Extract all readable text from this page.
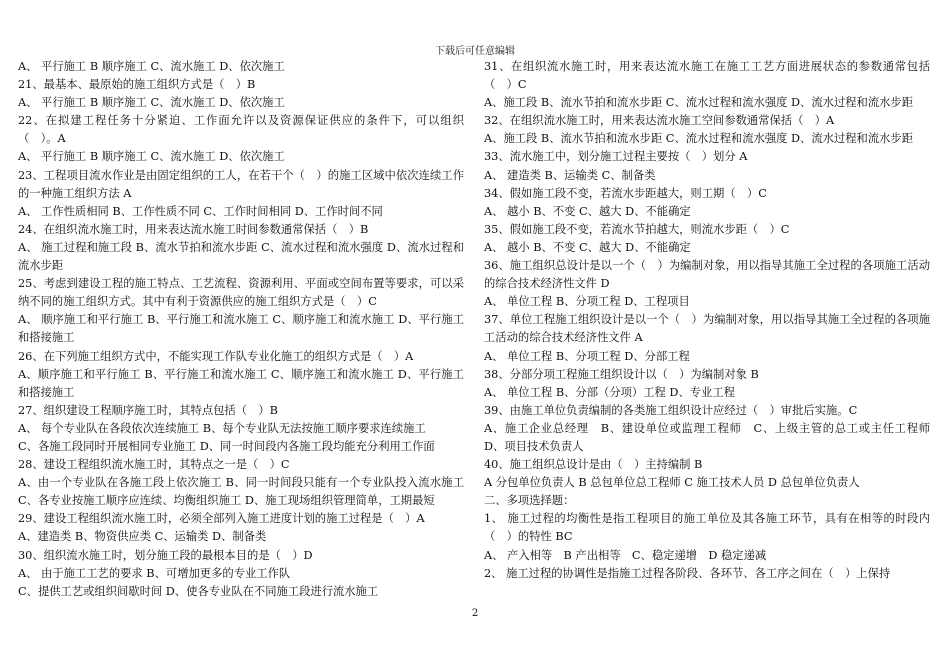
下载后可任意编辑

A、 平行施工 B 顺序施工 C、流水施工 D、依次施工

21、最基本、最原始的施工组织方式是（　）B

A、 平行施工 B 顺序施工 C、流水施工 D、依次施工

22、在拟建工程任务十分紧迫、工作面允许以及资源保证供应的条件下，可以组织（　）。A

A、 平行施工 B 顺序施工 C、流水施工 D、依次施工

23、工程项目流水作业是由固定组织的工人，在若干个（　）的施工区域中依次连续工作的一种施工组织方法 A

A、 工作性质相同 B、工作性质不同 C、工作时间相同 D、工作时间不同

24、在组织流水施工时，用来表达流水施工时间参数通常保括（　）B

A、 施工过程和施工段 B、流水节拍和流水步距 C、流水过程和流水强度 D、流水过程和流水步距

25、考虑到建设工程的施工特点、工艺流程、资源利用、平面或空间布置等要求，可以采纳不同的施工组织方式。其中有利于资源供应的施工组织方式是（　）C

A、 顺序施工和平行施工 B、平行施工和流水施工 C、顺序施工和流水施工 D、平行施工和搭接施工

26、在下列施工组织方式中，不能实现工作队专业化施工的组织方式是（　）A

A、顺序施工和平行施工 B、平行施工和流水施工 C、顺序施工和流水施工 D、平行施工和搭接施工

27、组织建设工程顺序施工时，其特点包括（　）B

A、 每个专业队在各段依次连续施工 B、每个专业队无法按施工顺序要求连续施工

C、各施工段同时开展相同专业施工 D、同一时间段内各施工段均能充分利用工作面

28、建设工程组织流水施工时，其特点之一是（　）C

A、由一个专业队在各施工段上依次施工 B、同一时间段只能有一个专业队投入流水施工 C、各专业按施工顺序应连续、均衡组织施工 D、施工现场组织管理简单，工期最短

29、建设工程组织流水施工时，必须全部列入施工进度计划的施工过程是（　）A

A、建造类 B、物资供应类 C、运输类 D、制备类

30、组织流水施工时，划分施工段的最根本目的是（　）D

A、 由于施工工艺的要求 B、可增加更多的专业工作队

C、提供工艺或组织间歇时间 D、使各专业队在不同施工段进行流水施工

31、在组织流水施工时，用来表达流水施工在施工工艺方面进展状态的参数通常包括（　）C

A、施工段 B、流水节拍和流水步距 C、流水过程和流水强度 D、流水过程和流水步距

32、在组织流水施工时，用来表达流水施工空间参数通常保括（　）A

A、施工段 B、流水节拍和流水步距 C、流水过程和流水强度 D、流水过程和流水步距

33、流水施工中，划分施工过程主要按（　）划分 A

A、 建造类 B、运输类 C、制备类

34、假如施工段不变，若流水步距越大，则工期（　）C

A、 越小 B、不变 C、越大 D、不能确定

35、假如施工段不变，若流水节拍越大，则流水步距（　）C

A、 越小 B、不变 C、越大 D、不能确定

36、施工组织总设计是以一个（　）为编制对象，用以指导其施工全过程的各项施工活动的综合技术经济性文件 D

A、 单位工程 B、分项工程 D、工程项目

37、单位工程施工组织设计是以一个（　）为编制对象，用以指导其施工全过程的各项施工活动的综合技术经济性文件 A

A、 单位工程 B、分项工程 D、分部工程

38、分部分项工程施工组织设计以（　）为编制对象 B

A、 单位工程 B、分部（分项）工程 D、专业工程

39、由施工单位负责编制的各类施工组织设计应经过（　）审批后实施。C

A、施工企业总经理　B、建设单位或监理工程师　C、上级主管的总工或主任工程师　D、项目技术负责人

40、施工组织总设计是由（　）主持编制 B

A 分包单位负责人 B 总包单位总工程师 C 施工技术人员 D 总包单位负责人

二、多项选择题：

1、 施工过程的均衡性是指工程项目的施工单位及其各施工环节，具有在相等的时段内（　）的特性 BC

A、 产入相等　B 产出相等　C、稳定递增　D 稳定递减

2、 施工过程的协调性是指施工过程各阶段、各环节、各工序之间在（　）上保持

2
